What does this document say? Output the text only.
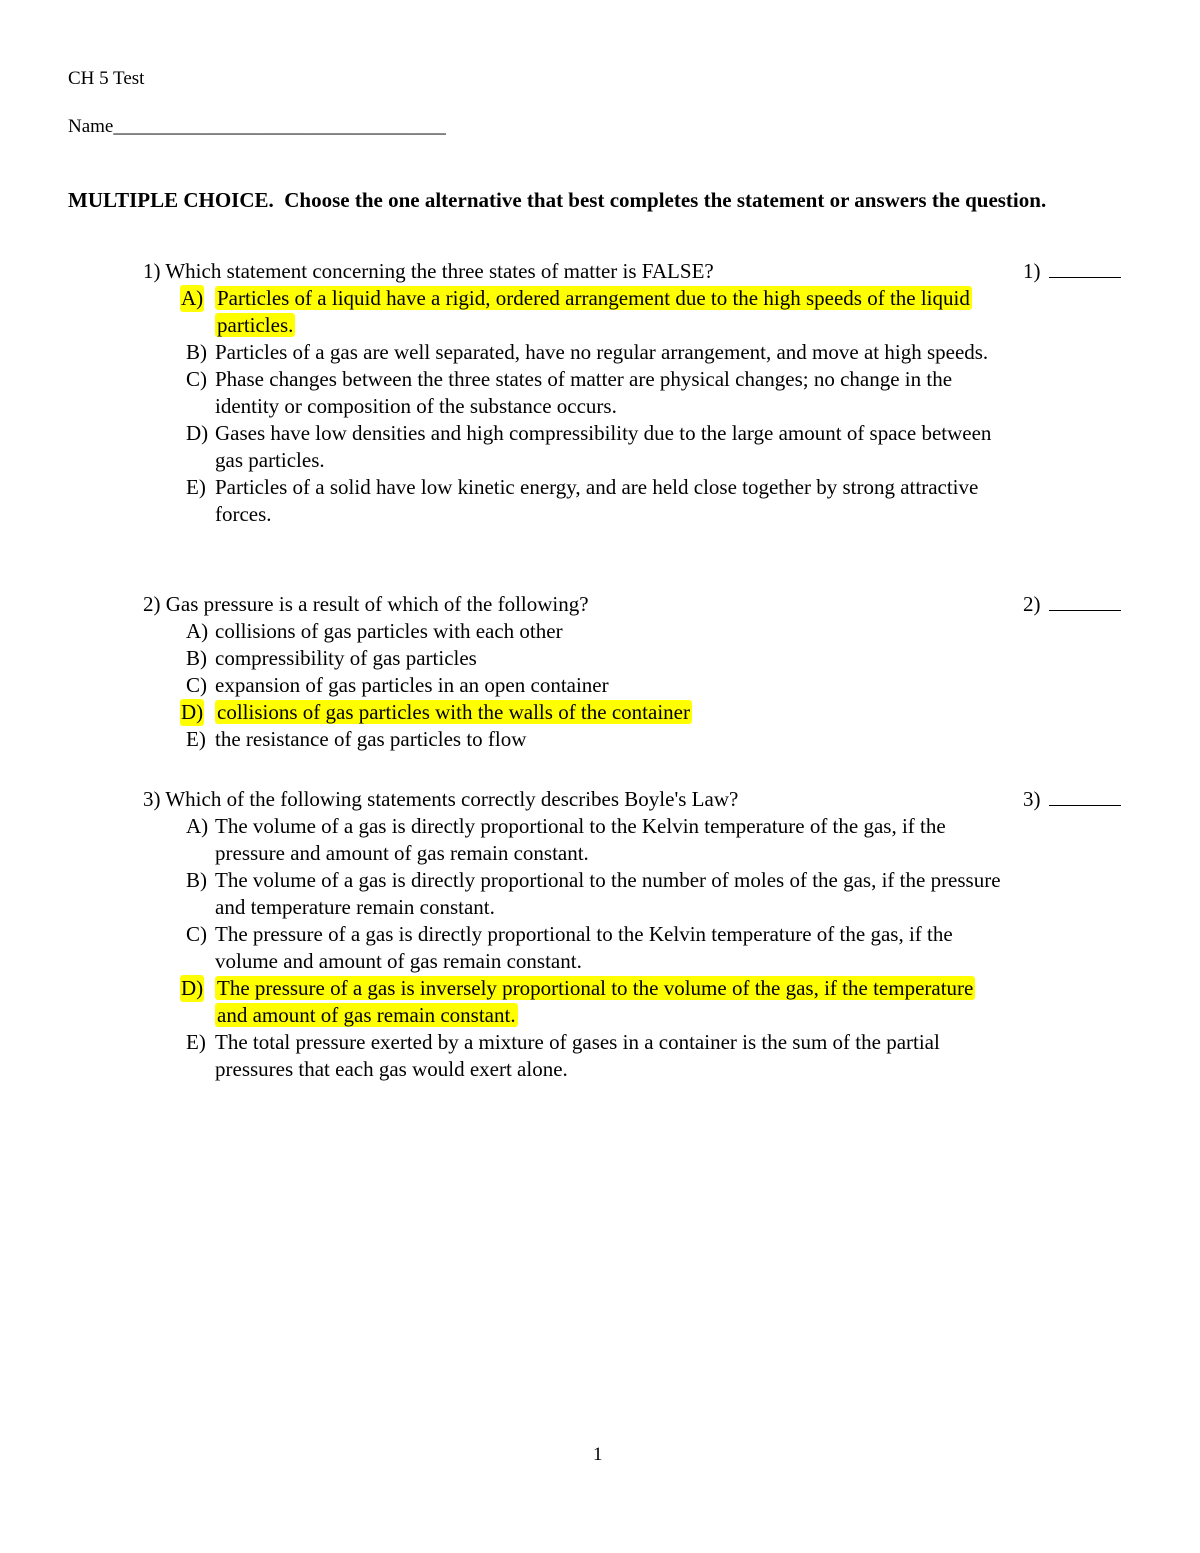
CH 5 Test
Name___________________________________
MULTIPLE CHOICE. Choose the one alternative that best completes the statement or answers the question.
1) Which statement concerning the three states of matter is FALSE?	1)
A) Particles of a liquid have a rigid, ordered arrangement due to the high speeds of the liquid particles.
B) Particles of a gas are well separated, have no regular arrangement, and move at high speeds.
C) Phase changes between the three states of matter are physical changes; no change in the identity or composition of the substance occurs.
D) Gases have low densities and high compressibility due to the large amount of space between gas particles.
E) Particles of a solid have low kinetic energy, and are held close together by strong attractive forces.
2) Gas pressure is a result of which of the following?	2)
A) collisions of gas particles with each other
B) compressibility of gas particles
C) expansion of gas particles in an open container
D) collisions of gas particles with the walls of the container
E) the resistance of gas particles to flow
3) Which of the following statements correctly describes Boyle's Law?	3)
A) The volume of a gas is directly proportional to the Kelvin temperature of the gas, if the pressure and amount of gas remain constant.
B) The volume of a gas is directly proportional to the number of moles of the gas, if the pressure and temperature remain constant.
C) The pressure of a gas is directly proportional to the Kelvin temperature of the gas, if the volume and amount of gas remain constant.
D) The pressure of a gas is inversely proportional to the volume of the gas, if the temperature and amount of gas remain constant.
E) The total pressure exerted by a mixture of gases in a container is the sum of the partial pressures that each gas would exert alone.
1
